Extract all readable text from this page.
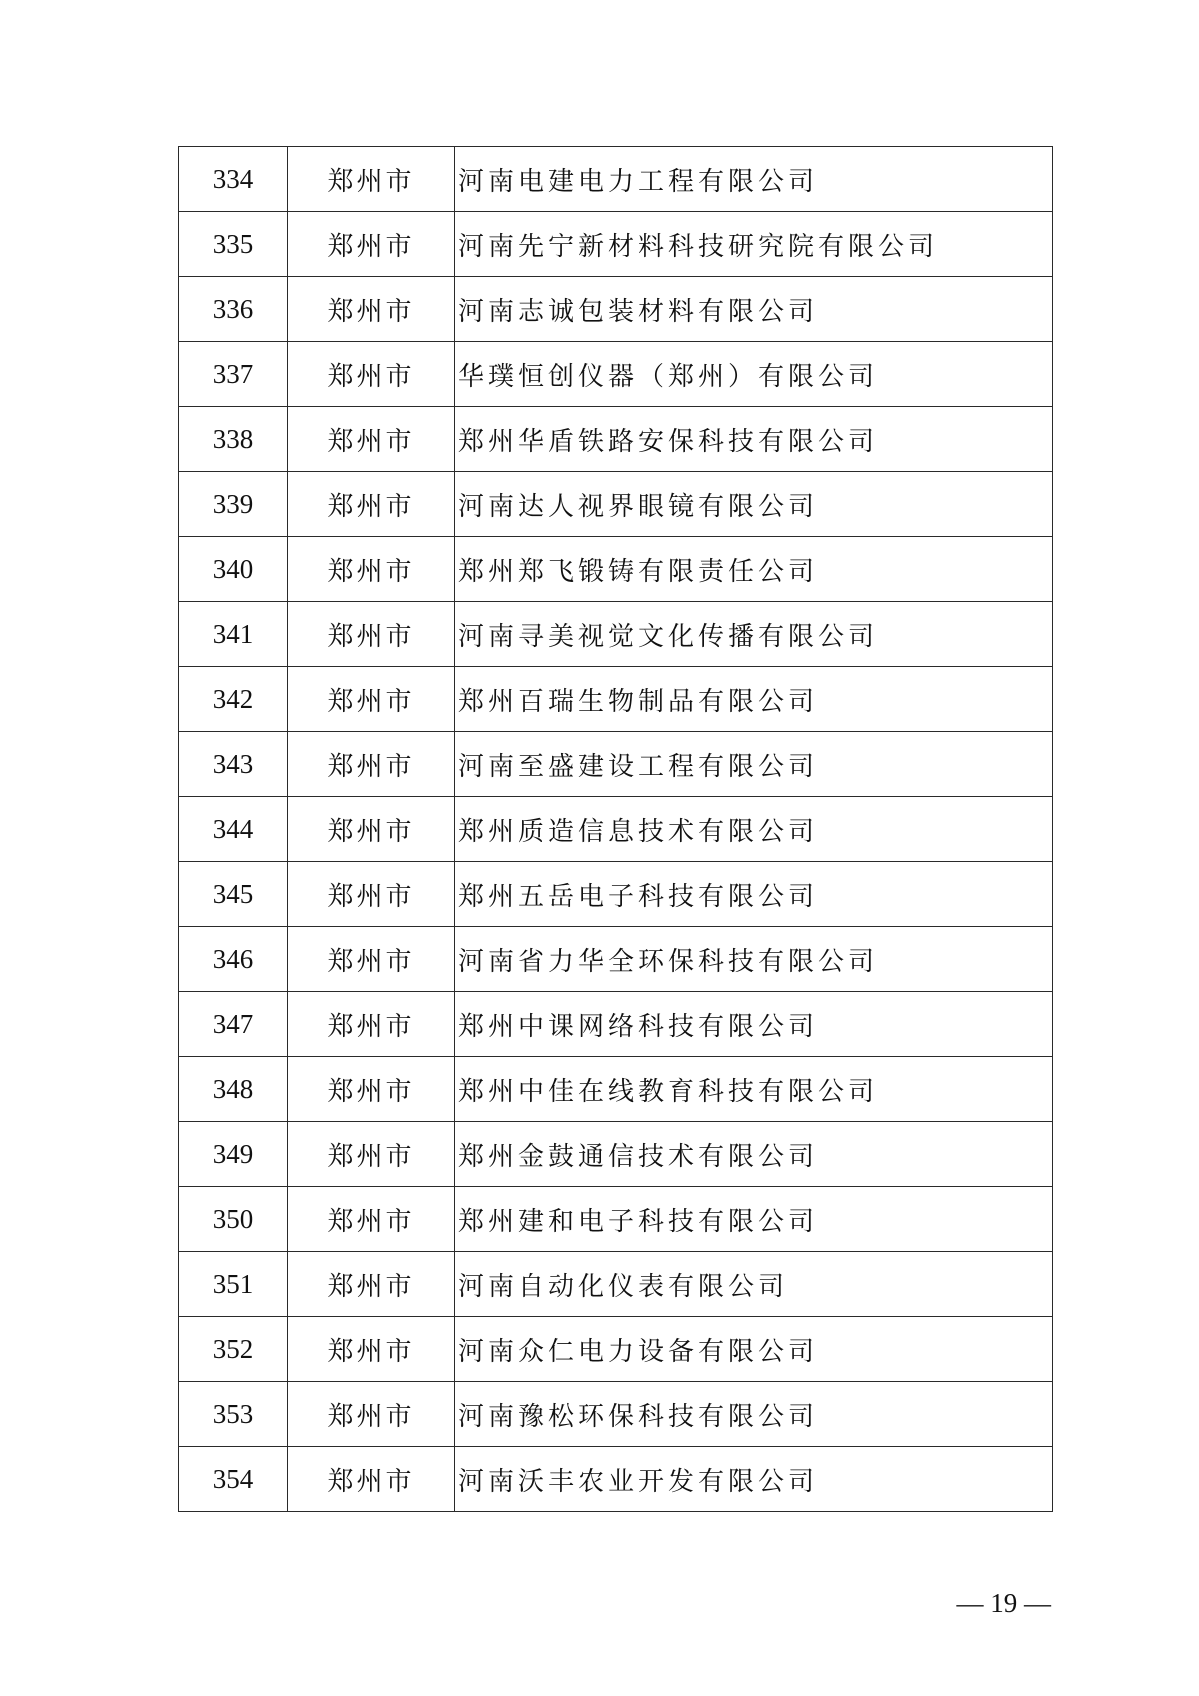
334	郑州市	河南电建电力工程有限公司
335	郑州市	河南先宁新材料科技研究院有限公司
336	郑州市	河南志诚包装材料有限公司
337	郑州市	华璞恒创仪器（郑州）有限公司
338	郑州市	郑州华盾铁路安保科技有限公司
339	郑州市	河南达人视界眼镜有限公司
340	郑州市	郑州郑飞锻铸有限责任公司
341	郑州市	河南寻美视觉文化传播有限公司
342	郑州市	郑州百瑞生物制品有限公司
343	郑州市	河南至盛建设工程有限公司
344	郑州市	郑州质造信息技术有限公司
345	郑州市	郑州五岳电子科技有限公司
346	郑州市	河南省力华全环保科技有限公司
347	郑州市	郑州中课网络科技有限公司
348	郑州市	郑州中佳在线教育科技有限公司
349	郑州市	郑州金鼓通信技术有限公司
350	郑州市	郑州建和电子科技有限公司
351	郑州市	河南自动化仪表有限公司
352	郑州市	河南众仁电力设备有限公司
353	郑州市	河南豫松环保科技有限公司
354	郑州市	河南沃丰农业开发有限公司
— 19 —
